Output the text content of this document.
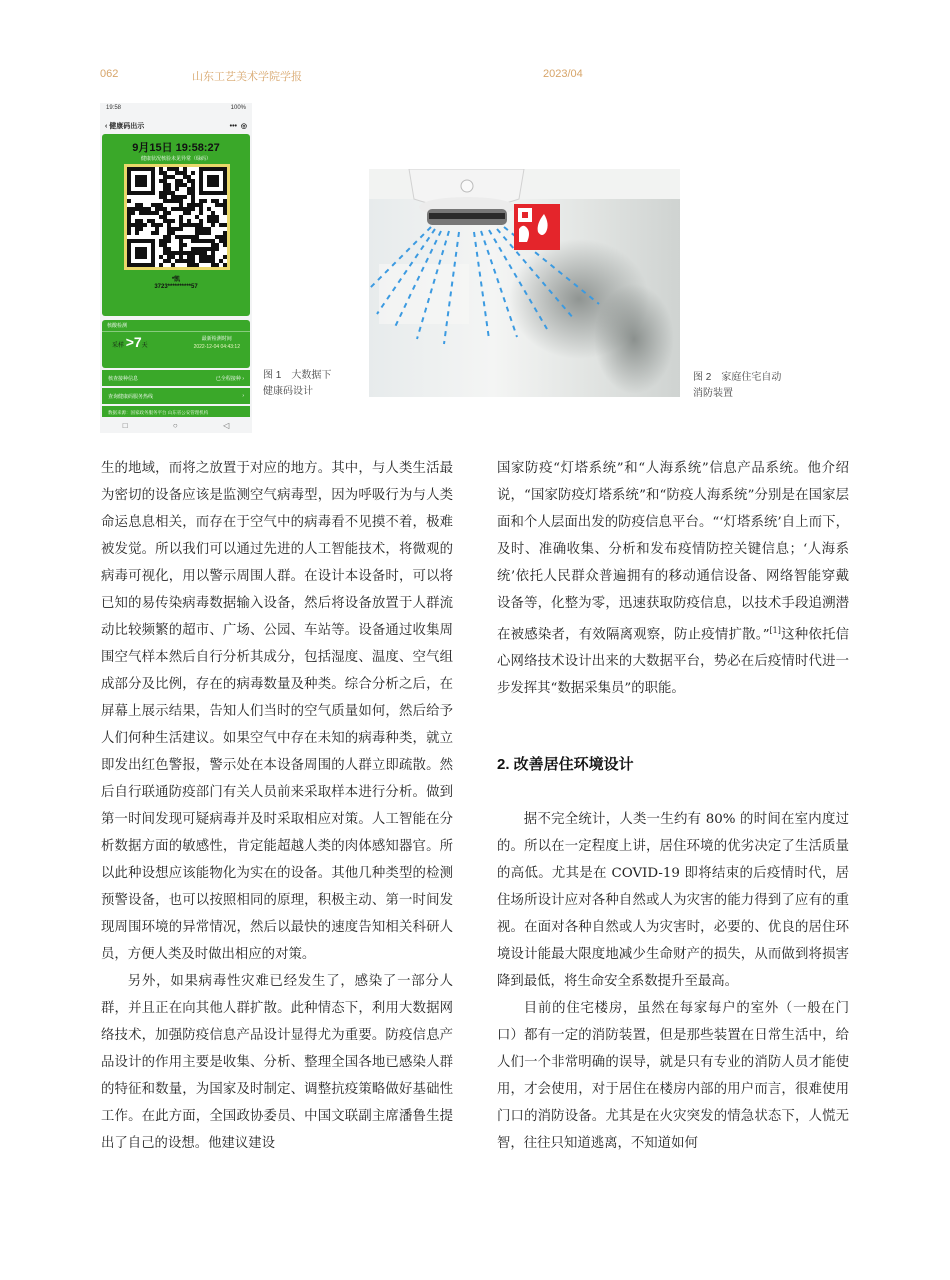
062	山东工艺美术学院学报	2023/04
19:58	100%
‹ 健康码出示	••• ◎
9月15日 19:58:27
健康状况核验未见异常（绿码）
*凯
3723**********57
核酸检测
采样 >7天
最新检测时间
2022-12-04 04:43:12
核查接种信息	已全程接种 ›
查询健康码服务热线	›
数据来源：国家政务服务平台 山东省公安管理机构
□	○	◁
图 1　大数据下
健康码设计
图 2　家庭住宅自动
消防装置

生的地域，而将之放置于对应的地方。其中，与人类生活最为密切的设备应该是监测空气病毒型，因为呼吸行为与人类命运息息相关，而存在于空气中的病毒看不见摸不着，极难被发觉。所以我们可以通过先进的人工智能技术，将微观的病毒可视化，用以警示周围人群。在设计本设备时，可以将已知的易传染病毒数据输入设备，然后将设备放置于人群流动比较频繁的超市、广场、公园、车站等。设备通过收集周围空气样本然后自行分析其成分，包括湿度、温度、空气组成部分及比例，存在的病毒数量及种类。综合分析之后，在屏幕上展示结果，告知人们当时的空气质量如何，然后给予人们何种生活建议。如果空气中存在未知的病毒种类，就立即发出红色警报，警示处在本设备周围的人群立即疏散。然后自行联通防疫部门有关人员前来采取样本进行分析。做到第一时间发现可疑病毒并及时采取相应对策。人工智能在分析数据方面的敏感性，肯定能超越人类的肉体感知器官。所以此种设想应该能物化为实在的设备。其他几种类型的检测预警设备，也可以按照相同的原理，积极主动、第一时间发现周围环境的异常情况，然后以最快的速度告知相关科研人员，方便人类及时做出相应的对策。

另外，如果病毒性灾难已经发生了，感染了一部分人群，并且正在向其他人群扩散。此种情态下，利用大数据网络技术，加强防疫信息产品设计显得尤为重要。防疫信息产品设计的作用主要是收集、分析、整理全国各地已感染人群的特征和数量，为国家及时制定、调整抗疫策略做好基础性工作。在此方面，全国政协委员、中国文联副主席潘鲁生提出了自己的设想。他建议建设

国家防疫“灯塔系统”和“人海系统”信息产品系统。他介绍说，“国家防疫灯塔系统”和“防疫人海系统”分别是在国家层面和个人层面出发的防疫信息平台。“‘灯塔系统’自上而下，及时、准确收集、分析和发布疫情防控关键信息；‘人海系统’依托人民群众普遍拥有的移动通信设备、网络智能穿戴设备等，化整为零，迅速获取防疫信息，以技术手段追溯潜在被感染者，有效隔离观察，防止疫情扩散。”[1]这种依托信心网络技术设计出来的大数据平台，势必在后疫情时代进一步发挥其“数据采集员”的职能。

2. 改善居住环境设计

据不完全统计，人类一生约有 80% 的时间在室内度过的。所以在一定程度上讲，居住环境的优劣决定了生活质量的高低。尤其是在 COVID-19 即将结束的后疫情时代，居住场所设计应对各种自然或人为灾害的能力得到了应有的重视。在面对各种自然或人为灾害时，必要的、优良的居住环境设计能最大限度地减少生命财产的损失，从而做到将损害降到最低，将生命安全系数提升至最高。

目前的住宅楼房，虽然在每家每户的室外（一般在门口）都有一定的消防装置，但是那些装置在日常生活中，给人们一个非常明确的误导，就是只有专业的消防人员才能使用，才会使用，对于居住在楼房内部的用户而言，很难使用门口的消防设备。尤其是在火灾突发的情急状态下，人慌无智，往往只知道逃离，不知道如何
